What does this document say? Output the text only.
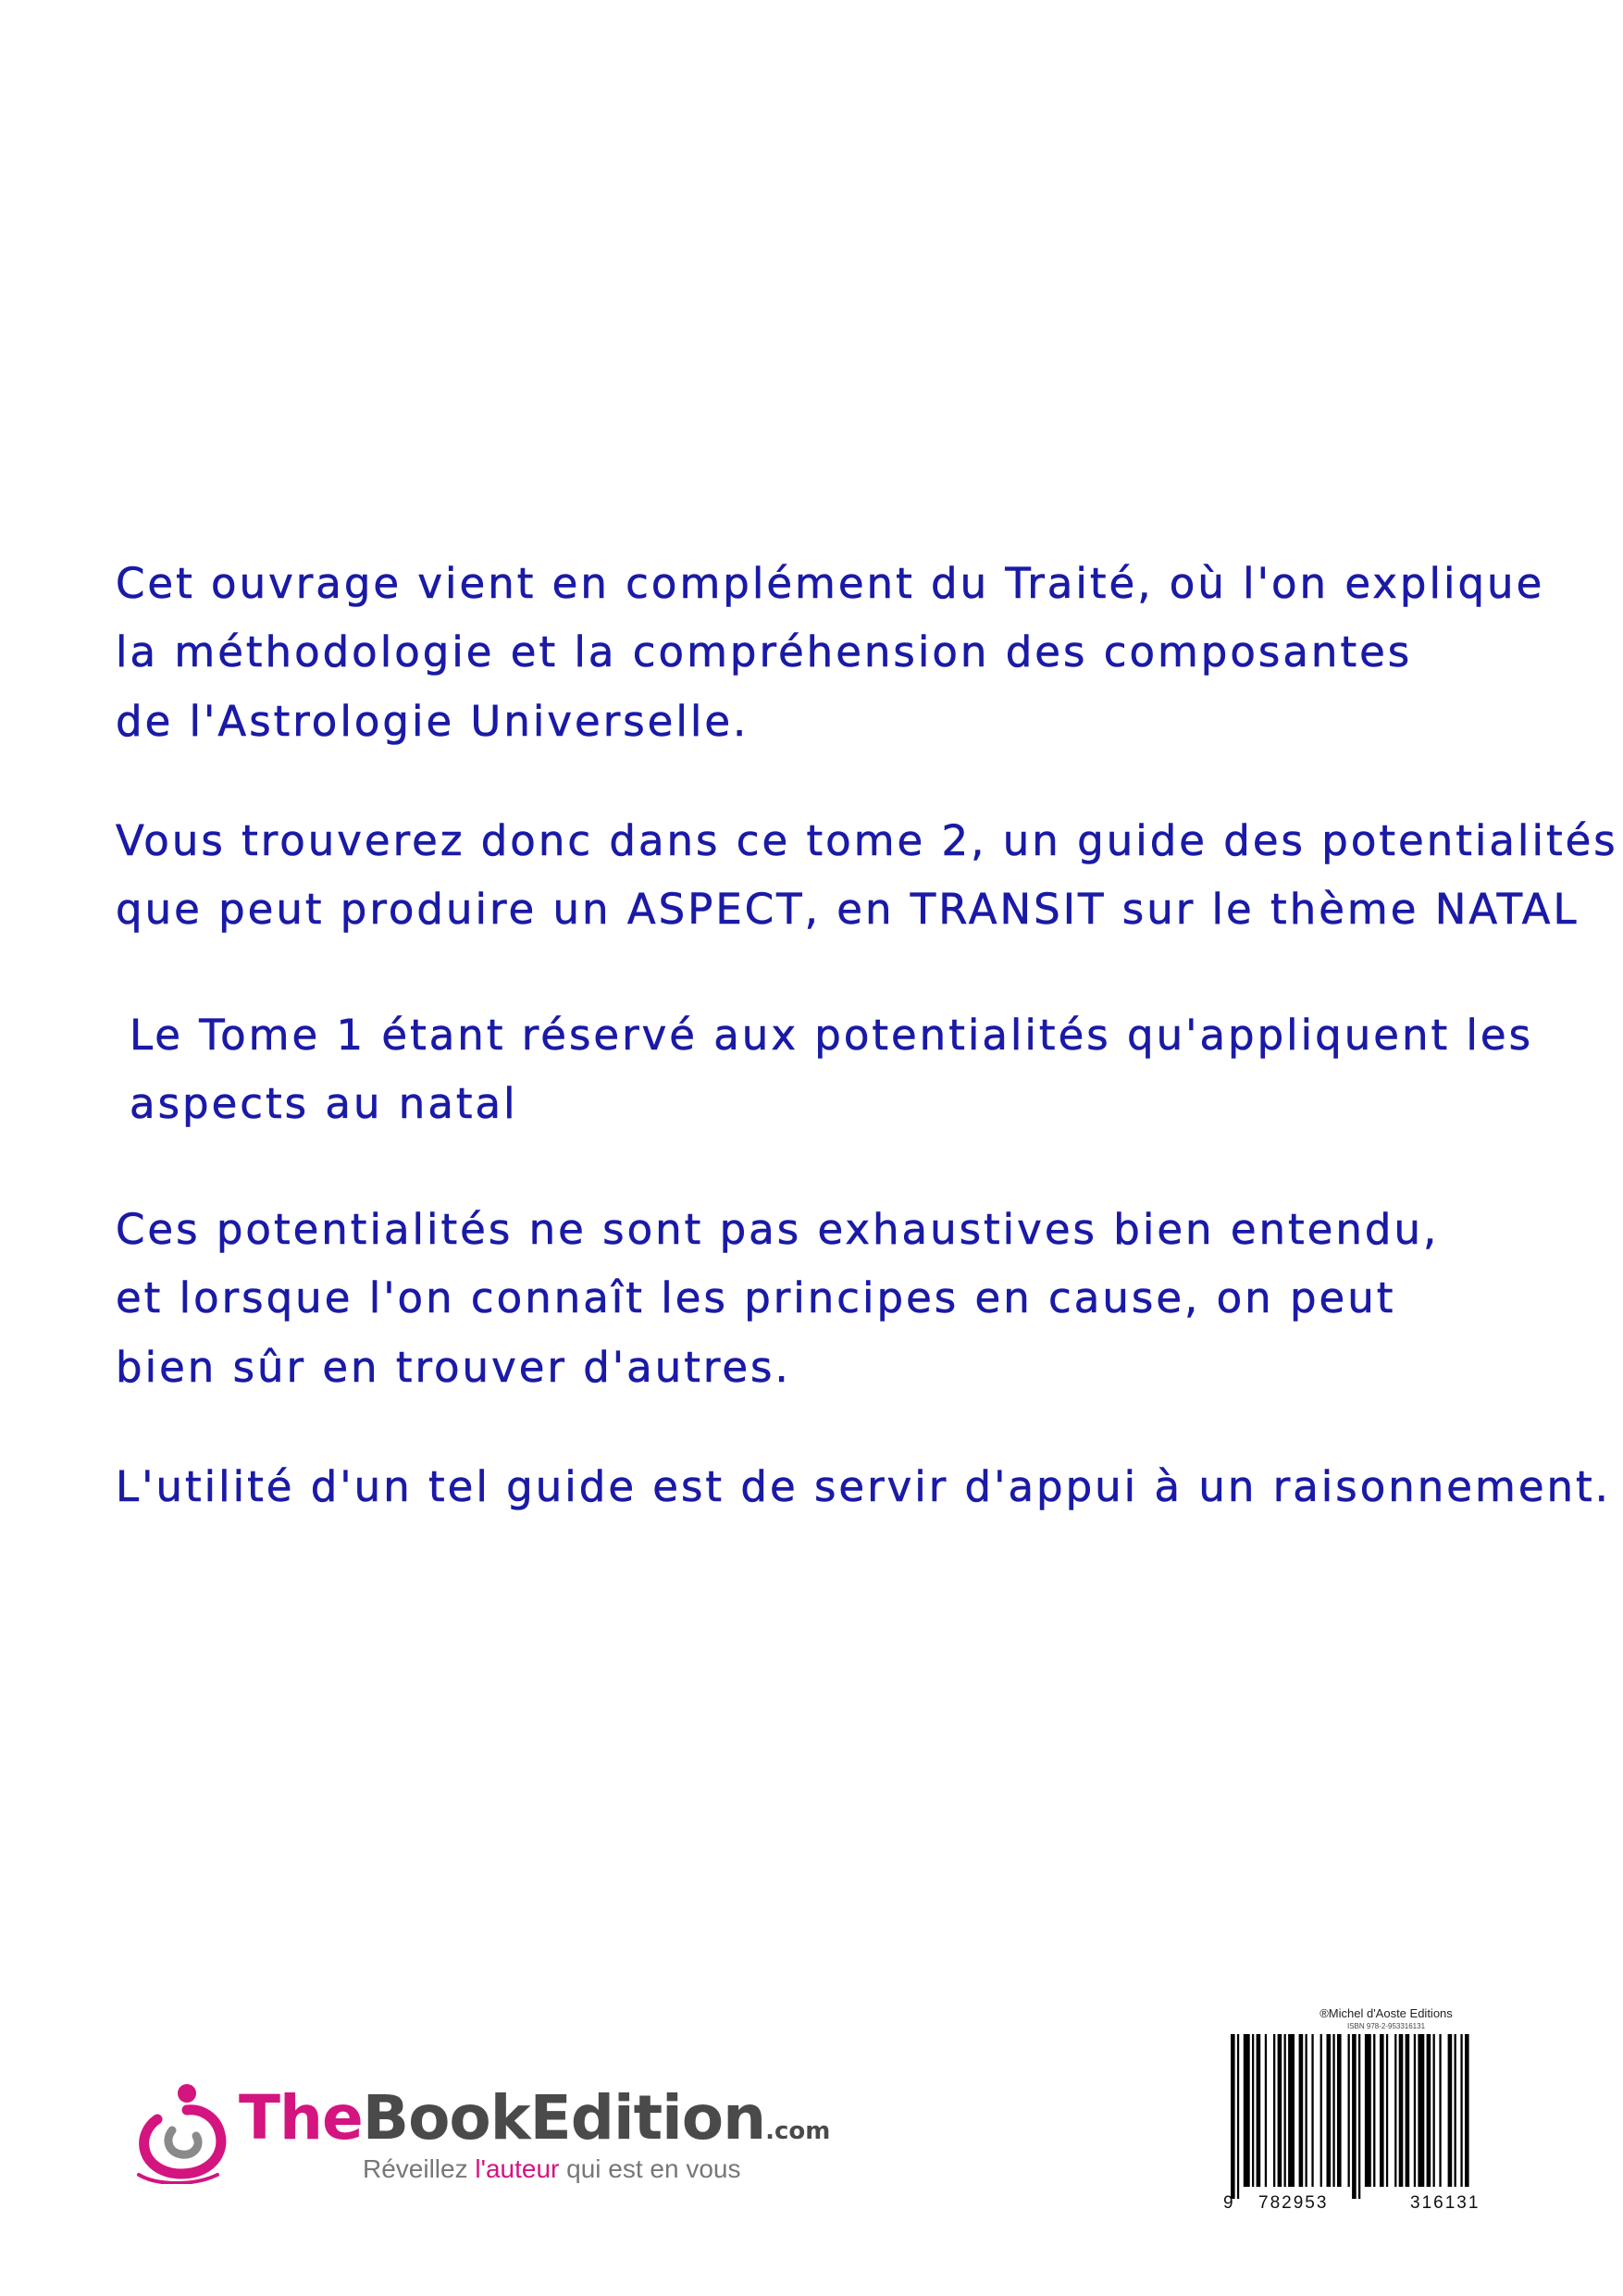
Cet ouvrage vient en complément du Traité, où l'on explique
la méthodologie et la compréhension des composantes
de l'Astrologie Universelle.
Vous trouverez donc dans ce tome 2, un guide des potentialités
que peut produire un ASPECT, en TRANSIT sur le thème NATAL
Le Tome 1 étant réservé aux potentialités qu'appliquent les
aspects au natal
Ces potentialités ne sont pas exhaustives bien entendu,
et lorsque l'on connaît les principes en cause, on peut
bien sûr en trouver d'autres.
L'utilité d'un tel guide est de servir d'appui à un raisonnement.
TheBookEdition.com
Réveillez l'auteur qui est en vous
®Michel d'Aoste Editions
ISBN 978-2-953316131
9 782953	316131
